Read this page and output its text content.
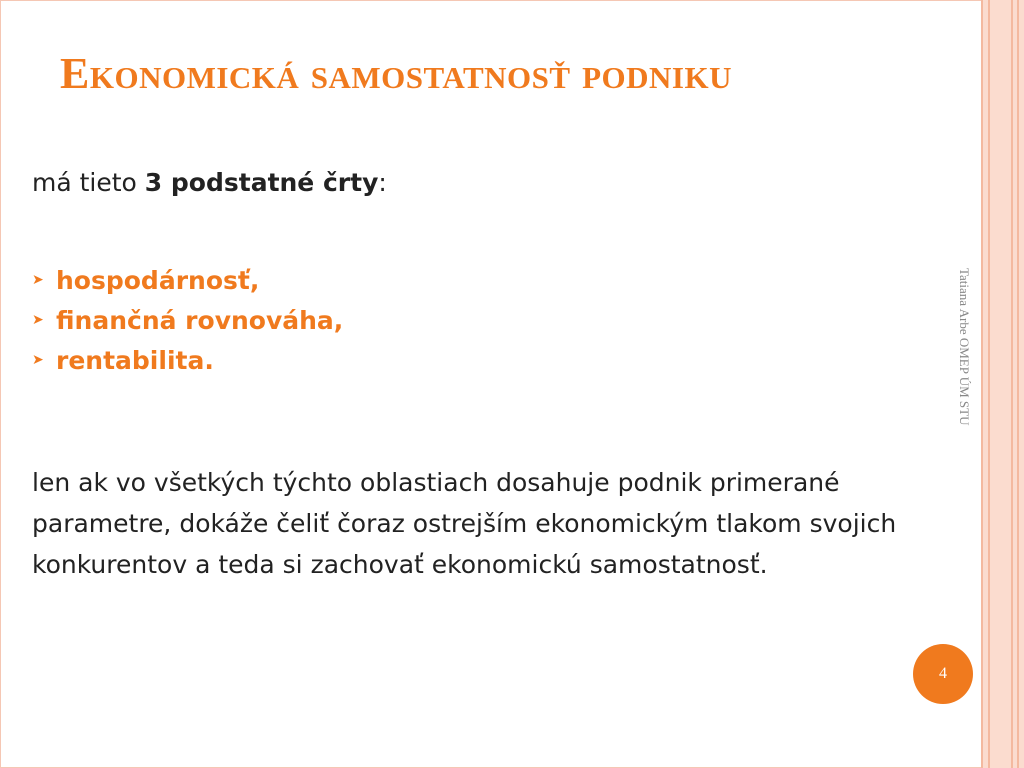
Ekonomická samostatnosť podniku
má tieto 3 podstatné črty:
➤ hospodárnosť,
➤ finančná rovnováha,
➤ rentabilita.

len ak vo všetkých týchto oblastiach dosahuje podnik primerané parametre, dokáže čeliť čoraz ostrejším ekonomickým tlakom svojich konkurentov a teda si zachovať ekonomickú samostatnosť.

Tatiana Arbe OMEP ÚM STU
4
